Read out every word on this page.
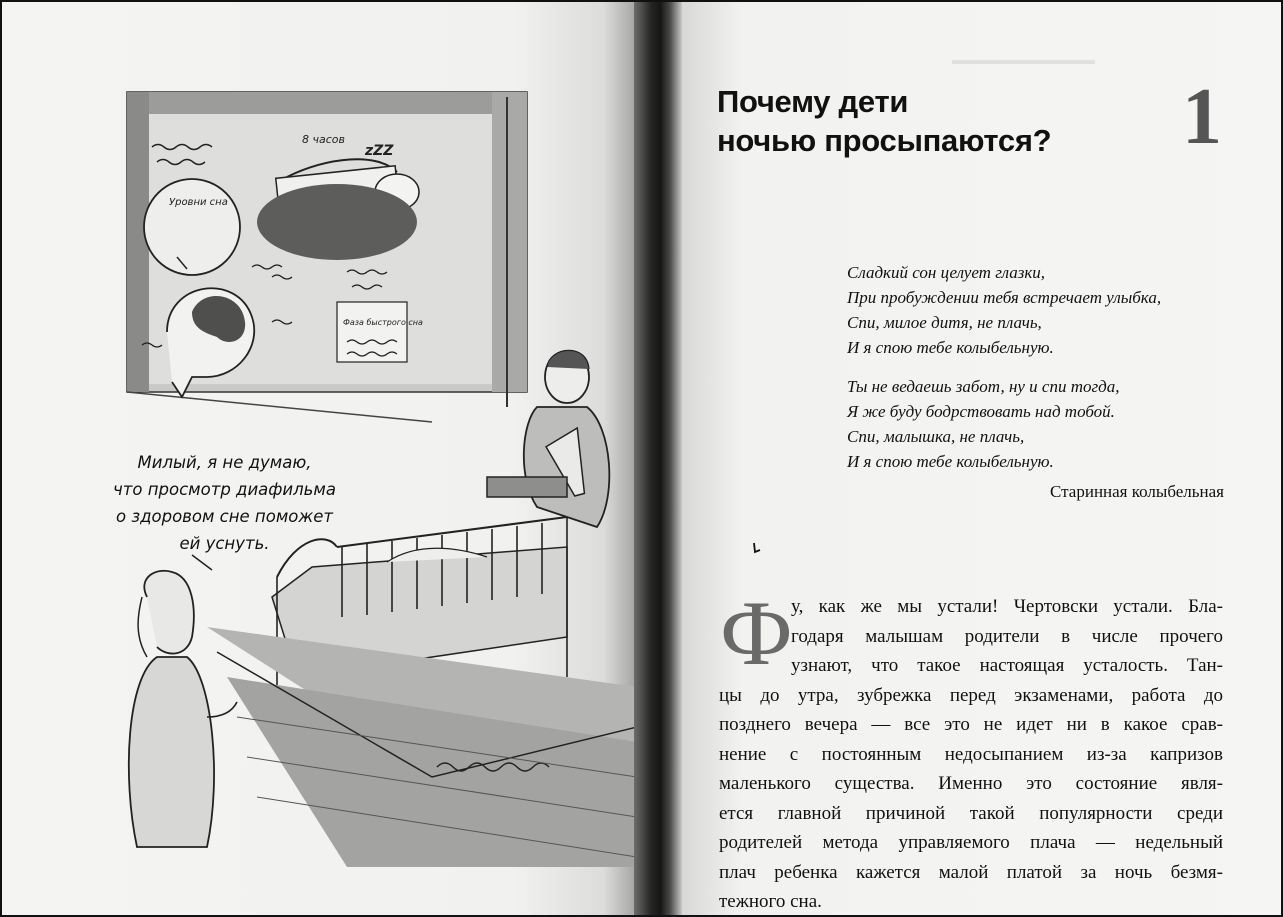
8 часов
zZZ
Уровни сна
Фаза быстрого сна
Милый, я не думаю,
что просмотр диафильма
о здоровом сне поможет
ей уснуть.
▬▬▬▬▬▬▬▬▬▬▬
Почему дети
ночью просыпаются? 1
Сладкий сон целует глазки,
При пробуждении тебя встречает улыбка,
Спи, милое дитя, не плачь,
И я спою тебе колыбельную.
Ты не ведаешь забот, ну и спи тогда,
Я же буду бодрствовать над тобой.
Спи, малышка, не плачь,
И я спою тебе колыбельную.
Старинная колыбельная
Ф
у, как же мы устали! Чертовски устали. Бла-
годаря малышам родители в числе прочего
узнают, что такое настоящая усталость. Тан-
цы до утра, зубрежка перед экзаменами, работа до
позднего вечера — все это не идет ни в какое срав-
нение с постоянным недосыпанием из-за капризов
маленького существа. Именно это состояние явля-
ется главной причиной такой популярности среди
родителей метода управляемого плача — недельный
плач ребенка кажется малой платой за ночь безмя-
тежного сна.
